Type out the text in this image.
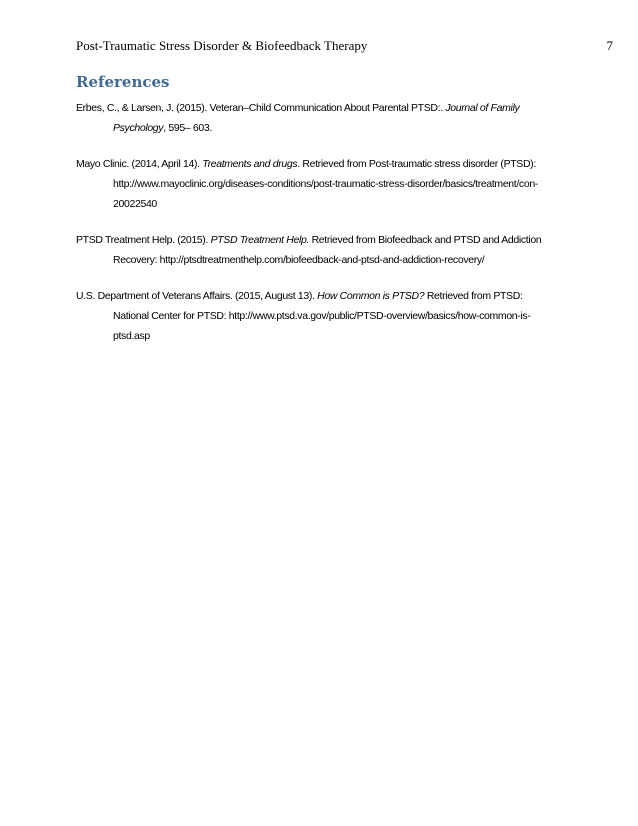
Post-Traumatic Stress Disorder & Biofeedback Therapy	7
References

Erbes, C., & Larsen, J. (2015). Veteran–Child Communication About Parental PTSD:. Journal of Family Psychology, 595– 603.

Mayo Clinic. (2014, April 14). Treatments and drugs. Retrieved from Post-traumatic stress disorder (PTSD): http://www.mayoclinic.org/diseases-conditions/post-traumatic-stress-disorder/basics/treatment/con-20022540

PTSD Treatment Help. (2015). PTSD Treatment Help. Retrieved from Biofeedback and PTSD and Addiction Recovery: http://ptsdtreatmenthelp.com/biofeedback-and-ptsd-and-addiction-recovery/

U.S. Department of Veterans Affairs. (2015, August 13). How Common is PTSD? Retrieved from PTSD: National Center for PTSD: http://www.ptsd.va.gov/public/PTSD-overview/basics/how-common-is-ptsd.asp
